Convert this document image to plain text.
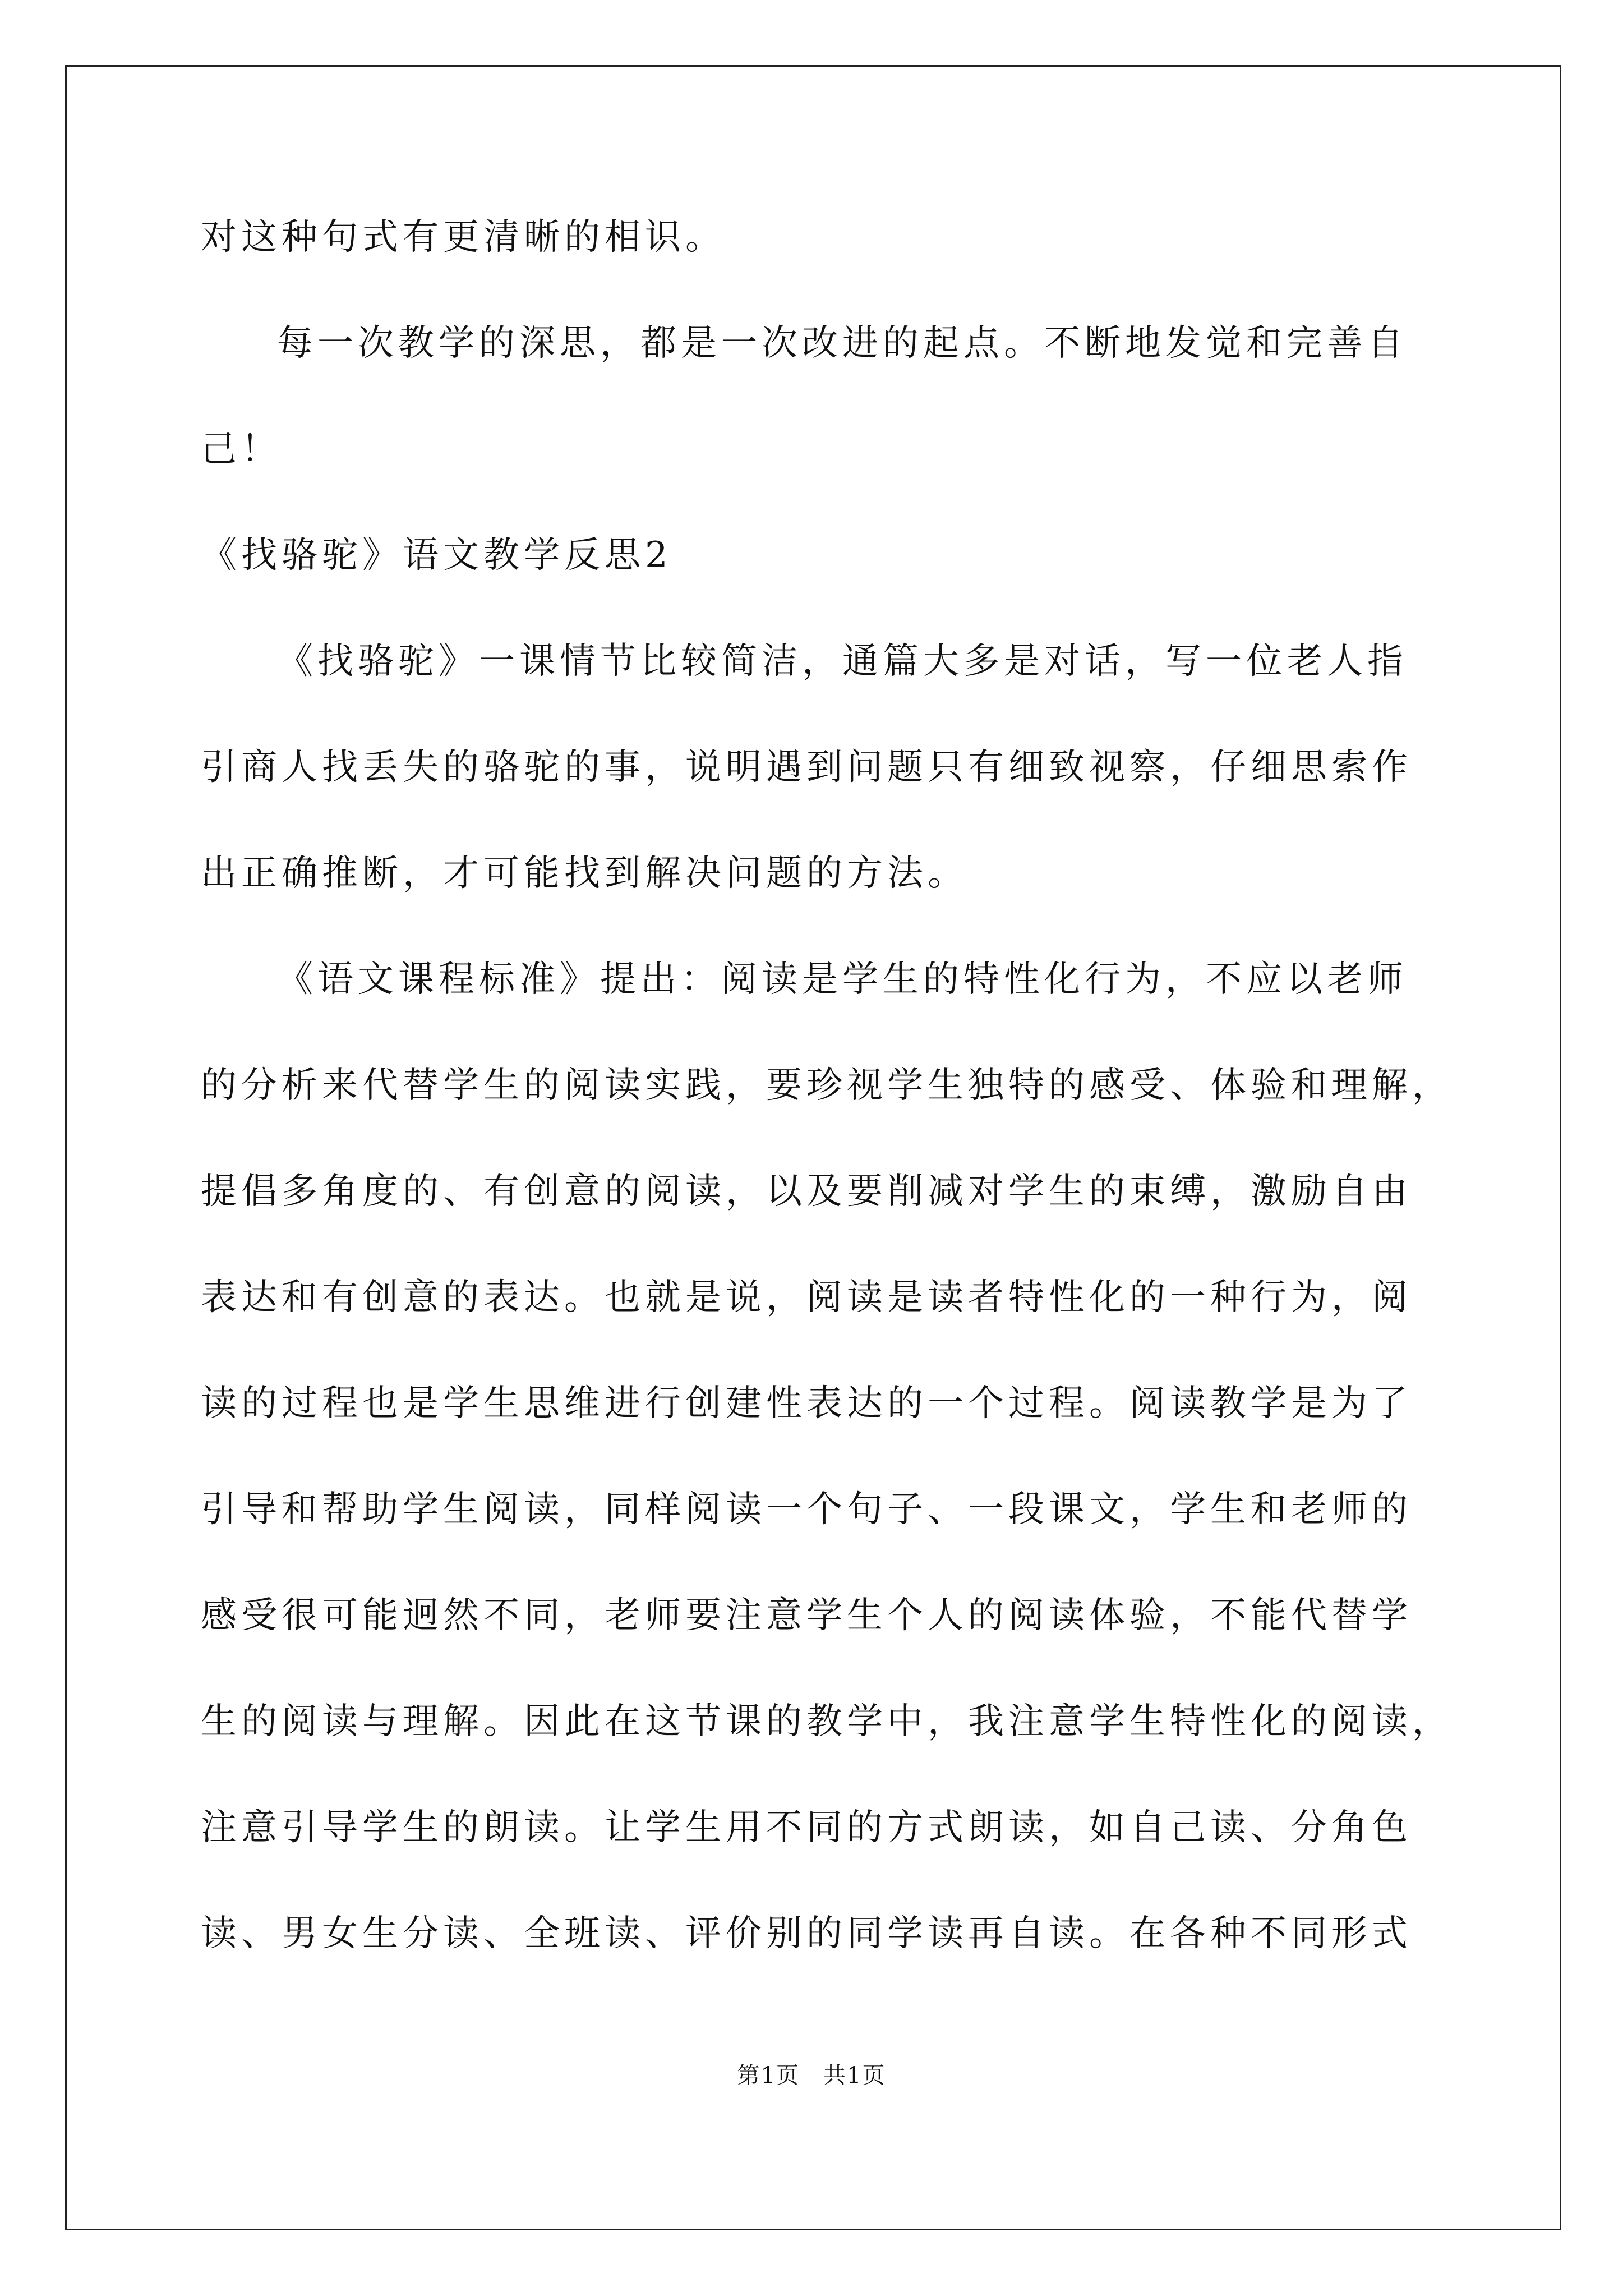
对这种句式有更清晰的相识。
每一次教学的深思，都是一次改进的起点。不断地发觉和完善自
己！
《找骆驼》语文教学反思2
《找骆驼》一课情节比较简洁，通篇大多是对话，写一位老人指
引商人找丢失的骆驼的事，说明遇到问题只有细致视察，仔细思索作
出正确推断，才可能找到解决问题的方法。
《语文课程标准》提出：阅读是学生的特性化行为，不应以老师
的分析来代替学生的阅读实践，要珍视学生独特的感受、体验和理解，
提倡多角度的、有创意的阅读，以及要削减对学生的束缚，激励自由
表达和有创意的表达。也就是说，阅读是读者特性化的一种行为，阅
读的过程也是学生思维进行创建性表达的一个过程。阅读教学是为了
引导和帮助学生阅读，同样阅读一个句子、一段课文，学生和老师的
感受很可能迥然不同，老师要注意学生个人的阅读体验，不能代替学
生的阅读与理解。因此在这节课的教学中，我注意学生特性化的阅读，
注意引导学生的朗读。让学生用不同的方式朗读，如自己读、分角色
读、男女生分读、全班读、评价别的同学读再自读。在各种不同形式
第1页　共1页
